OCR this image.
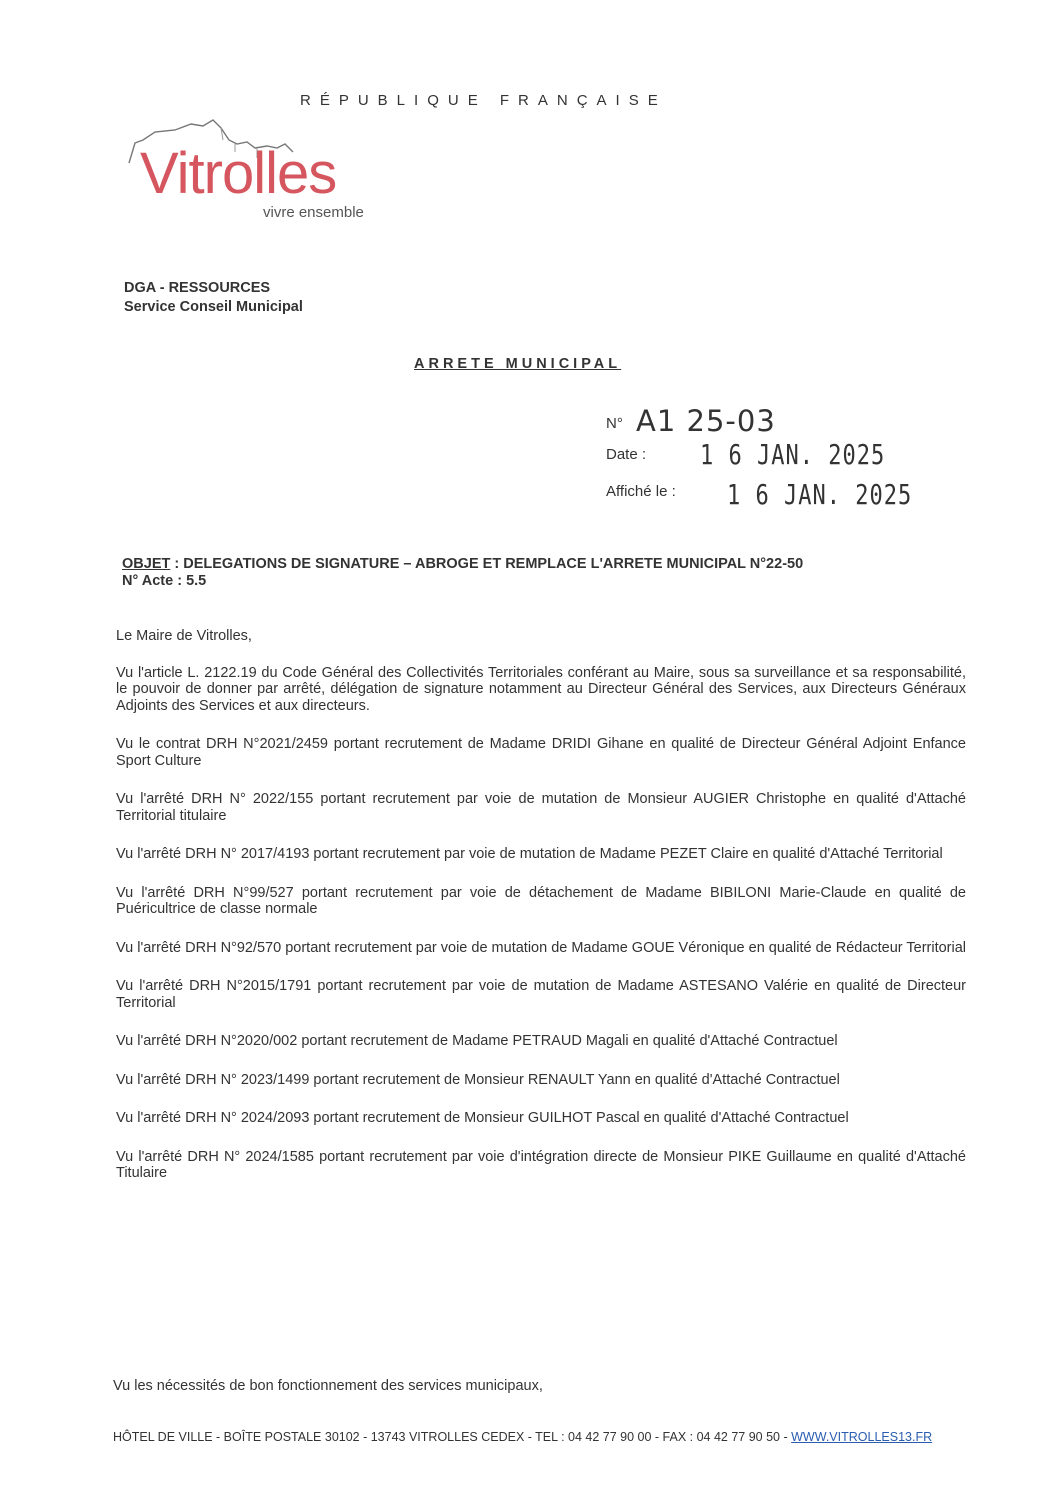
RÉPUBLIQUE FRANÇAISE
Vitrolles
vivre ensemble
DGA - RESSOURCES
Service Conseil Municipal
ARRETE MUNICIPAL
N° A1 25-03
Date : 1 6 JAN. 2025
Affiché le : 1 6 JAN. 2025
OBJET : DELEGATIONS DE SIGNATURE – ABROGE ET REMPLACE L'ARRETE MUNICIPAL N°22-50
N° Acte : 5.5

Le Maire de Vitrolles,

Vu l'article L. 2122.19 du Code Général des Collectivités Territoriales conférant au Maire, sous sa surveillance et sa responsabilité, le pouvoir de donner par arrêté, délégation de signature notamment au Directeur Général des Services, aux Directeurs Généraux Adjoints des Services et aux directeurs.

Vu le contrat DRH N°2021/2459 portant recrutement de Madame DRIDI Gihane en qualité de Directeur Général Adjoint Enfance Sport Culture

Vu l'arrêté DRH N° 2022/155 portant recrutement par voie de mutation de Monsieur AUGIER Christophe en qualité d'Attaché Territorial titulaire

Vu l'arrêté DRH N° 2017/4193 portant recrutement par voie de mutation de Madame PEZET Claire en qualité d'Attaché Territorial

Vu l'arrêté DRH N°99/527 portant recrutement par voie de détachement de Madame BIBILONI Marie-Claude en qualité de Puéricultrice de classe normale

Vu l'arrêté DRH N°92/570 portant recrutement par voie de mutation de Madame GOUE Véronique en qualité de Rédacteur Territorial

Vu l'arrêté DRH N°2015/1791 portant recrutement par voie de mutation de Madame ASTESANO Valérie en qualité de Directeur Territorial

Vu l'arrêté DRH N°2020/002 portant recrutement de Madame PETRAUD Magali en qualité d'Attaché Contractuel

Vu l'arrêté DRH N° 2023/1499 portant recrutement de Monsieur RENAULT Yann en qualité d'Attaché Contractuel

Vu l'arrêté DRH N° 2024/2093 portant recrutement de Monsieur GUILHOT Pascal en qualité d'Attaché Contractuel

Vu l'arrêté DRH N° 2024/1585 portant recrutement par voie d'intégration directe de Monsieur PIKE Guillaume en qualité d'Attaché Titulaire

Vu les nécessités de bon fonctionnement des services municipaux,
HÔTEL DE VILLE - BOÎTE POSTALE 30102 - 13743 VITROLLES CEDEX - TEL : 04 42 77 90 00 - FAX : 04 42 77 90 50 - WWW.VITROLLES13.FR
